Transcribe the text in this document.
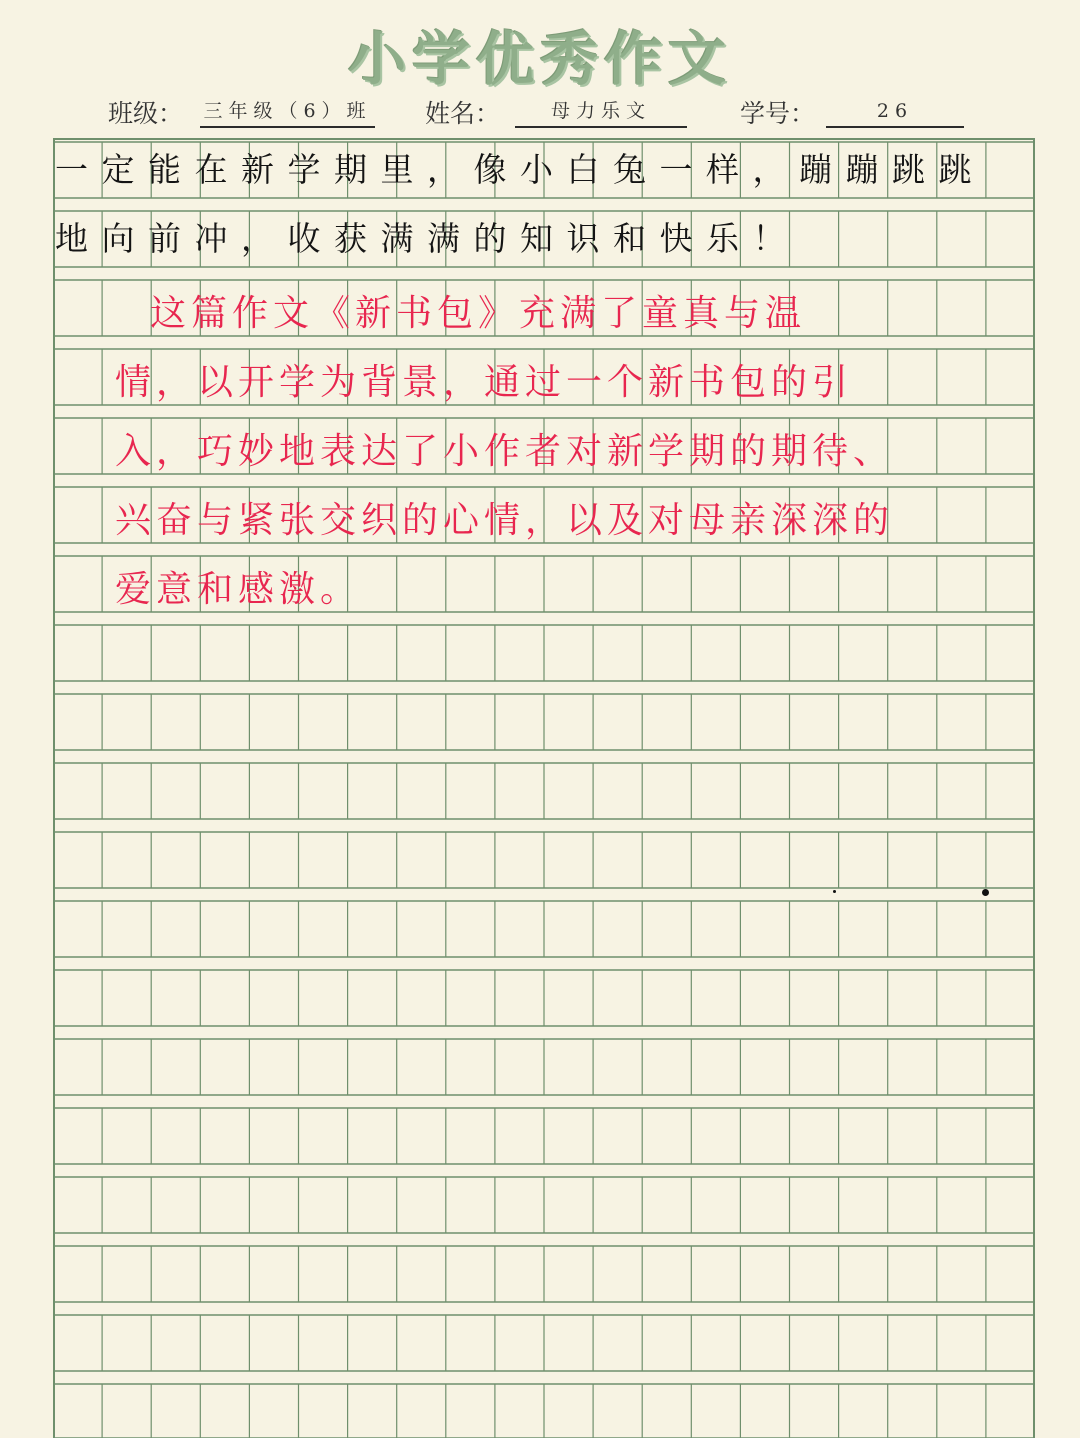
小学优秀作文
班级： 三年级（6）班 姓名：	母力乐文	学号：	26
一定能在新学期里，像小白兔一样，蹦蹦跳跳
地向前冲，收获满满的知识和快乐！
这篇作文《新书包》充满了童真与温
情，以开学为背景，通过一个新书包的引
入，巧妙地表达了小作者对新学期的期待、
兴奋与紧张交织的心情，以及对母亲深深的
爱意和感激。
